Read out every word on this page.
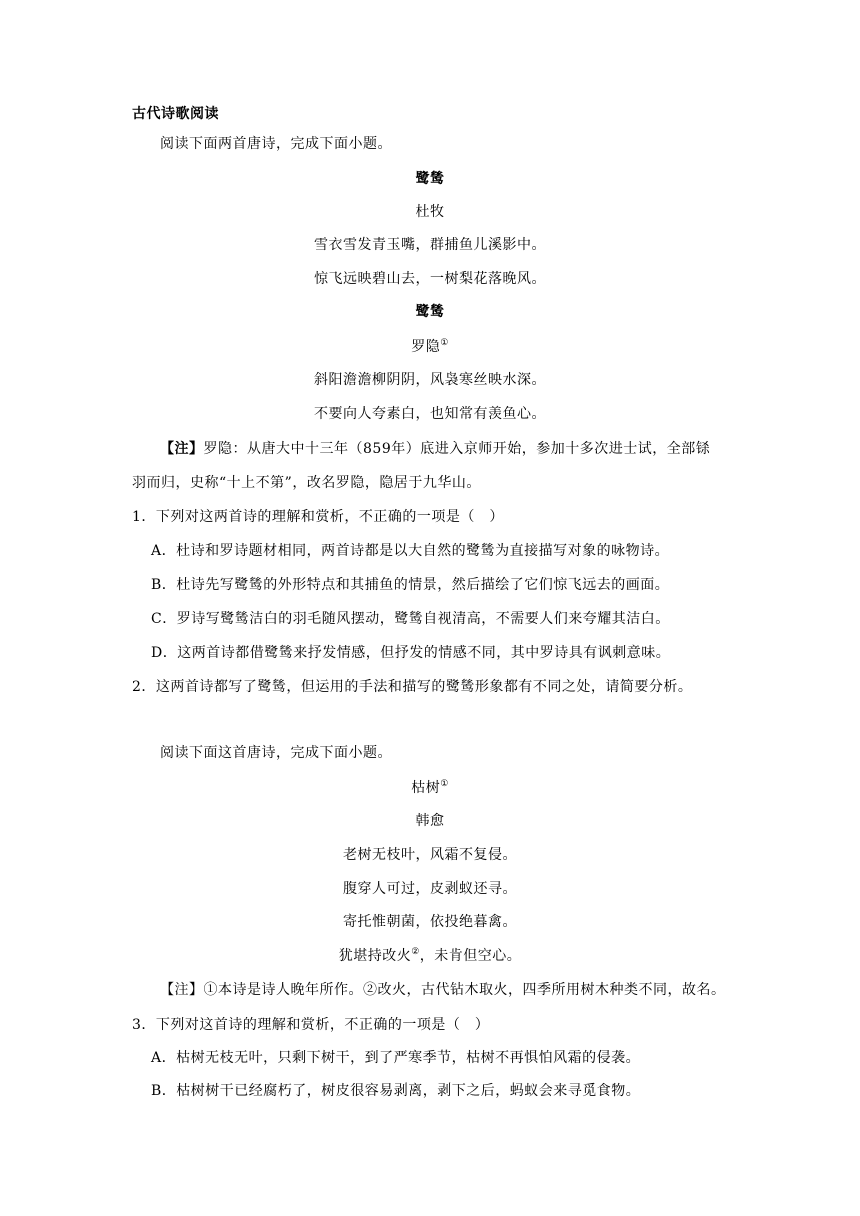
古代诗歌阅读
阅读下面两首唐诗，完成下面小题。
鹭鸶
杜牧
雪衣雪发青玉嘴，群捕鱼儿溪影中。
惊飞远映碧山去，一树梨花落晚风。
鹭鸶
罗隐①
斜阳澹澹柳阴阴，风袅寒丝映水深。
不要向人夸素白，也知常有羡鱼心。
【注】罗隐：从唐大中十三年（859年）底进入京师开始，参加十多次进士试，全部铩
羽而归，史称“十上不第”，改名罗隐，隐居于九华山。
1．下列对这两首诗的理解和赏析，不正确的一项是（　）
A．杜诗和罗诗题材相同，两首诗都是以大自然的鹭鸶为直接描写对象的咏物诗。
B．杜诗先写鹭鸶的外形特点和其捕鱼的情景，然后描绘了它们惊飞远去的画面。
C．罗诗写鹭鸶洁白的羽毛随风摆动，鹭鸶自视清高，不需要人们来夸耀其洁白。
D．这两首诗都借鹭鸶来抒发情感，但抒发的情感不同，其中罗诗具有讽刺意味。
2．这两首诗都写了鹭鸶，但运用的手法和描写的鹭鸶形象都有不同之处，请简要分析。
阅读下面这首唐诗，完成下面小题。
枯树①
韩愈
老树无枝叶，风霜不复侵。
腹穿人可过，皮剥蚁还寻。
寄托惟朝菌，依投绝暮禽。
犹堪持改火②，未肯但空心。
【注】①本诗是诗人晚年所作。②改火，古代钻木取火，四季所用树木种类不同，故名。
3．下列对这首诗的理解和赏析，不正确的一项是（　）
A．枯树无枝无叶，只剩下树干，到了严寒季节，枯树不再惧怕风霜的侵袭。
B．枯树树干已经腐朽了，树皮很容易剥离，剥下之后，蚂蚁会来寻觅食物。
